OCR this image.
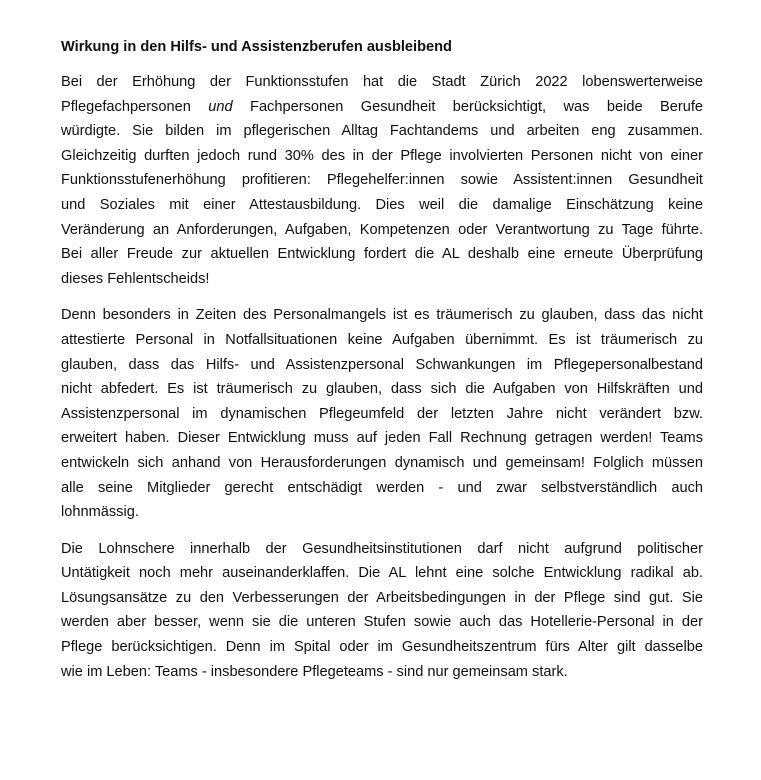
Wirkung in den Hilfs- und Assistenzberufen ausbleibend
Bei der Erhöhung der Funktionsstufen hat die Stadt Zürich 2022 lobenswerterweise
Pflegefachpersonen und Fachpersonen Gesundheit berücksichtigt, was beide Berufe
würdigte. Sie bilden im pflegerischen Alltag Fachtandems und arbeiten eng zusammen.
Gleichzeitig durften jedoch rund 30% des in der Pflege involvierten Personen nicht von einer
Funktionsstufenerhöhung profitieren: Pflegehelfer:innen sowie Assistent:innen Gesundheit
und Soziales mit einer Attestausbildung. Dies weil die damalige Einschätzung keine
Veränderung an Anforderungen, Aufgaben, Kompetenzen oder Verantwortung zu Tage führte.
Bei aller Freude zur aktuellen Entwicklung fordert die AL deshalb eine erneute Überprüfung
dieses Fehlentscheids!
Denn besonders in Zeiten des Personalmangels ist es träumerisch zu glauben, dass das nicht
attestierte Personal in Notfallsituationen keine Aufgaben übernimmt. Es ist träumerisch zu
glauben, dass das Hilfs- und Assistenzpersonal Schwankungen im Pflegepersonalbestand
nicht abfedert. Es ist träumerisch zu glauben, dass sich die Aufgaben von Hilfskräften und
Assistenzpersonal im dynamischen Pflegeumfeld der letzten Jahre nicht verändert bzw.
erweitert haben. Dieser Entwicklung muss auf jeden Fall Rechnung getragen werden! Teams
entwickeln sich anhand von Herausforderungen dynamisch und gemeinsam! Folglich müssen
alle seine Mitglieder gerecht entschädigt werden - und zwar selbstverständlich auch
lohnmässig.
Die Lohnschere innerhalb der Gesundheitsinstitutionen darf nicht aufgrund politischer
Untätigkeit noch mehr auseinanderklaffen. Die AL lehnt eine solche Entwicklung radikal ab.
Lösungsansätze zu den Verbesserungen der Arbeitsbedingungen in der Pflege sind gut. Sie
werden aber besser, wenn sie die unteren Stufen sowie auch das Hotellerie-Personal in der
Pflege berücksichtigen. Denn im Spital oder im Gesundheitszentrum fürs Alter gilt dasselbe
wie im Leben: Teams - insbesondere Pflegeteams - sind nur gemeinsam stark.
